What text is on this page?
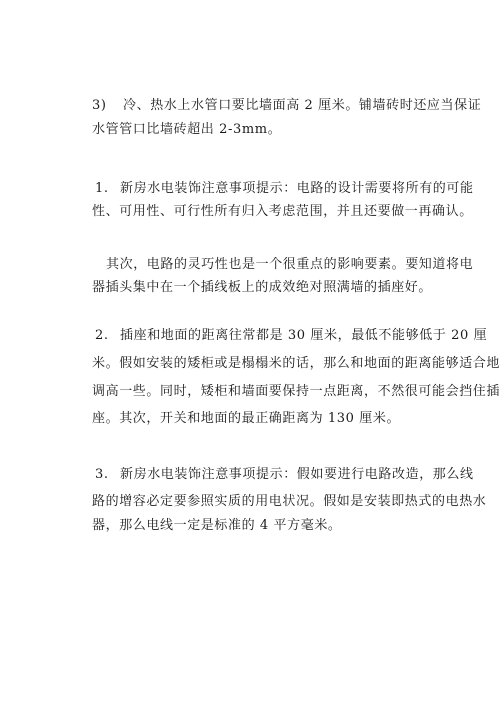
3) 冷、热水上水管口要比墙面高 2 厘米。铺墙砖时还应当保证

水管管口比墙砖超出 2-3mm。

1. 新房水电装饰注意事项提示：电路的设计需要将所有的可能

性、可用性、可行性所有归入考虑范围，并且还要做一再确认。

其次，电路的灵巧性也是一个很重点的影响要素。要知道将电

器插头集中在一个插线板上的成效绝对照满墙的插座好。

2. 插座和地面的距离往常都是 30 厘米，最低不能够低于 20 厘

米。假如安装的矮柜或是榻榻米的话，那么和地面的距离能够适合地

调高一些。同时，矮柜和墙面要保持一点距离，不然很可能会挡住插

座。其次，开关和地面的最正确距离为 130 厘米。

3. 新房水电装饰注意事项提示：假如要进行电路改造，那么线

路的增容必定要参照实质的用电状况。假如是安装即热式的电热水

器，那么电线一定是标准的 4 平方毫米。
